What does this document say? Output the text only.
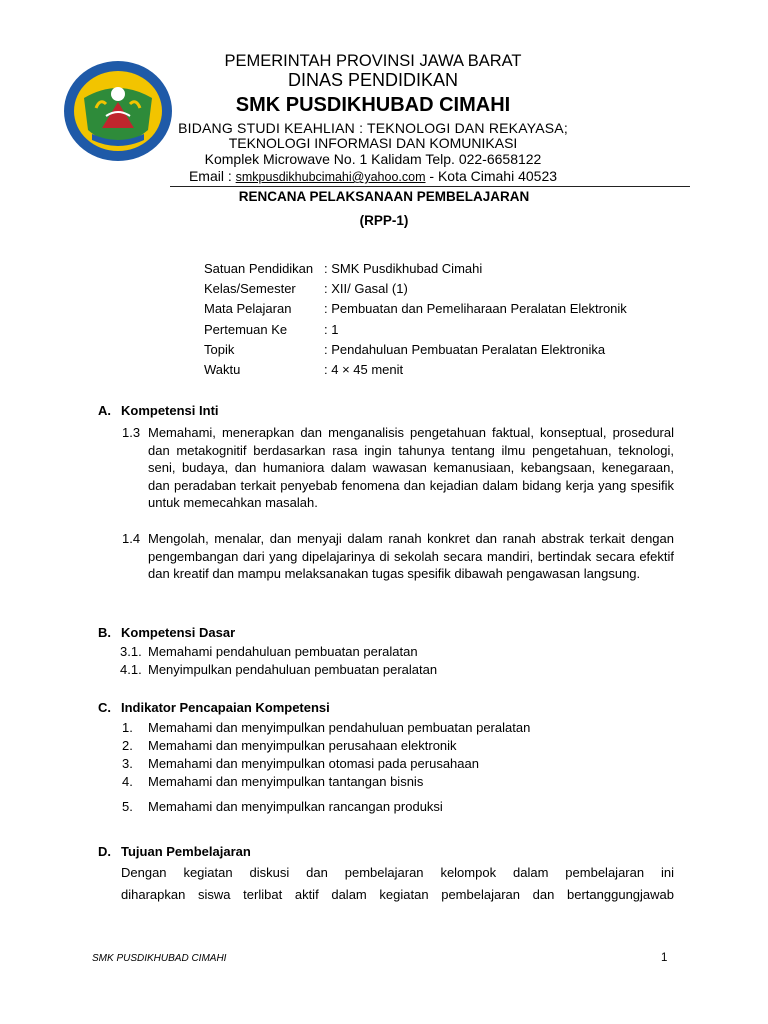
PEMERINTAH PROVINSI JAWA BARAT
DINAS PENDIDIKAN
SMK PUSDIKHUBAD CIMAHI
BIDANG STUDI KEAHLIAN : TEKNOLOGI DAN REKAYASA;
TEKNOLOGI INFORMASI DAN KOMUNIKASI
Komplek Microwave No. 1 Kalidam Telp. 022-6658122
Email : smkpusdikhubcimahi@yahoo.com - Kota Cimahi 40523
RENCANA PELAKSANAAN PEMBELAJARAN
(RPP-1)
Satuan Pendidikan : SMK Pusdikhubad Cimahi
Kelas/Semester : XII/ Gasal (1)
Mata Pelajaran	: Pembuatan dan Pemeliharaan Peralatan Elektronik
Pertemuan Ke	: 1
Topik	: Pendahuluan Pembuatan Peralatan Elektronika
Waktu	: 4 × 45 menit
A. Kompetensi Inti
1.3 Memahami, menerapkan dan menganalisis pengetahuan faktual, konseptual, prosedural dan metakognitif berdasarkan rasa ingin tahunya tentang ilmu pengetahuan, teknologi, seni, budaya, dan humaniora dalam wawasan kemanusiaan, kebangsaan, kenegaraan, dan peradaban terkait penyebab fenomena dan kejadian dalam bidang kerja yang spesifik untuk memecahkan masalah.
1.4 Mengolah, menalar, dan menyaji dalam ranah konkret dan ranah abstrak terkait dengan pengembangan dari yang dipelajarinya di sekolah secara mandiri, bertindak secara efektif dan kreatif dan mampu melaksanakan tugas spesifik dibawah pengawasan langsung.
B. Kompetensi Dasar
3.1. Memahami pendahuluan pembuatan peralatan
4.1. Menyimpulkan pendahuluan pembuatan peralatan
C. Indikator Pencapaian Kompetensi
1. Memahami dan menyimpulkan pendahuluan pembuatan peralatan
2. Memahami dan menyimpulkan perusahaan elektronik
3. Memahami dan menyimpulkan otomasi pada perusahaan
4. Memahami dan menyimpulkan tantangan bisnis
5. Memahami dan menyimpulkan rancangan produksi
D. Tujuan Pembelajaran
Dengan kegiatan diskusi dan pembelajaran kelompok dalam pembelajaran ini
diharapkan siswa terlibat aktif dalam kegiatan pembelajaran dan bertanggungjawab
SMK PUSDIKHUBAD CIMAHI	1
